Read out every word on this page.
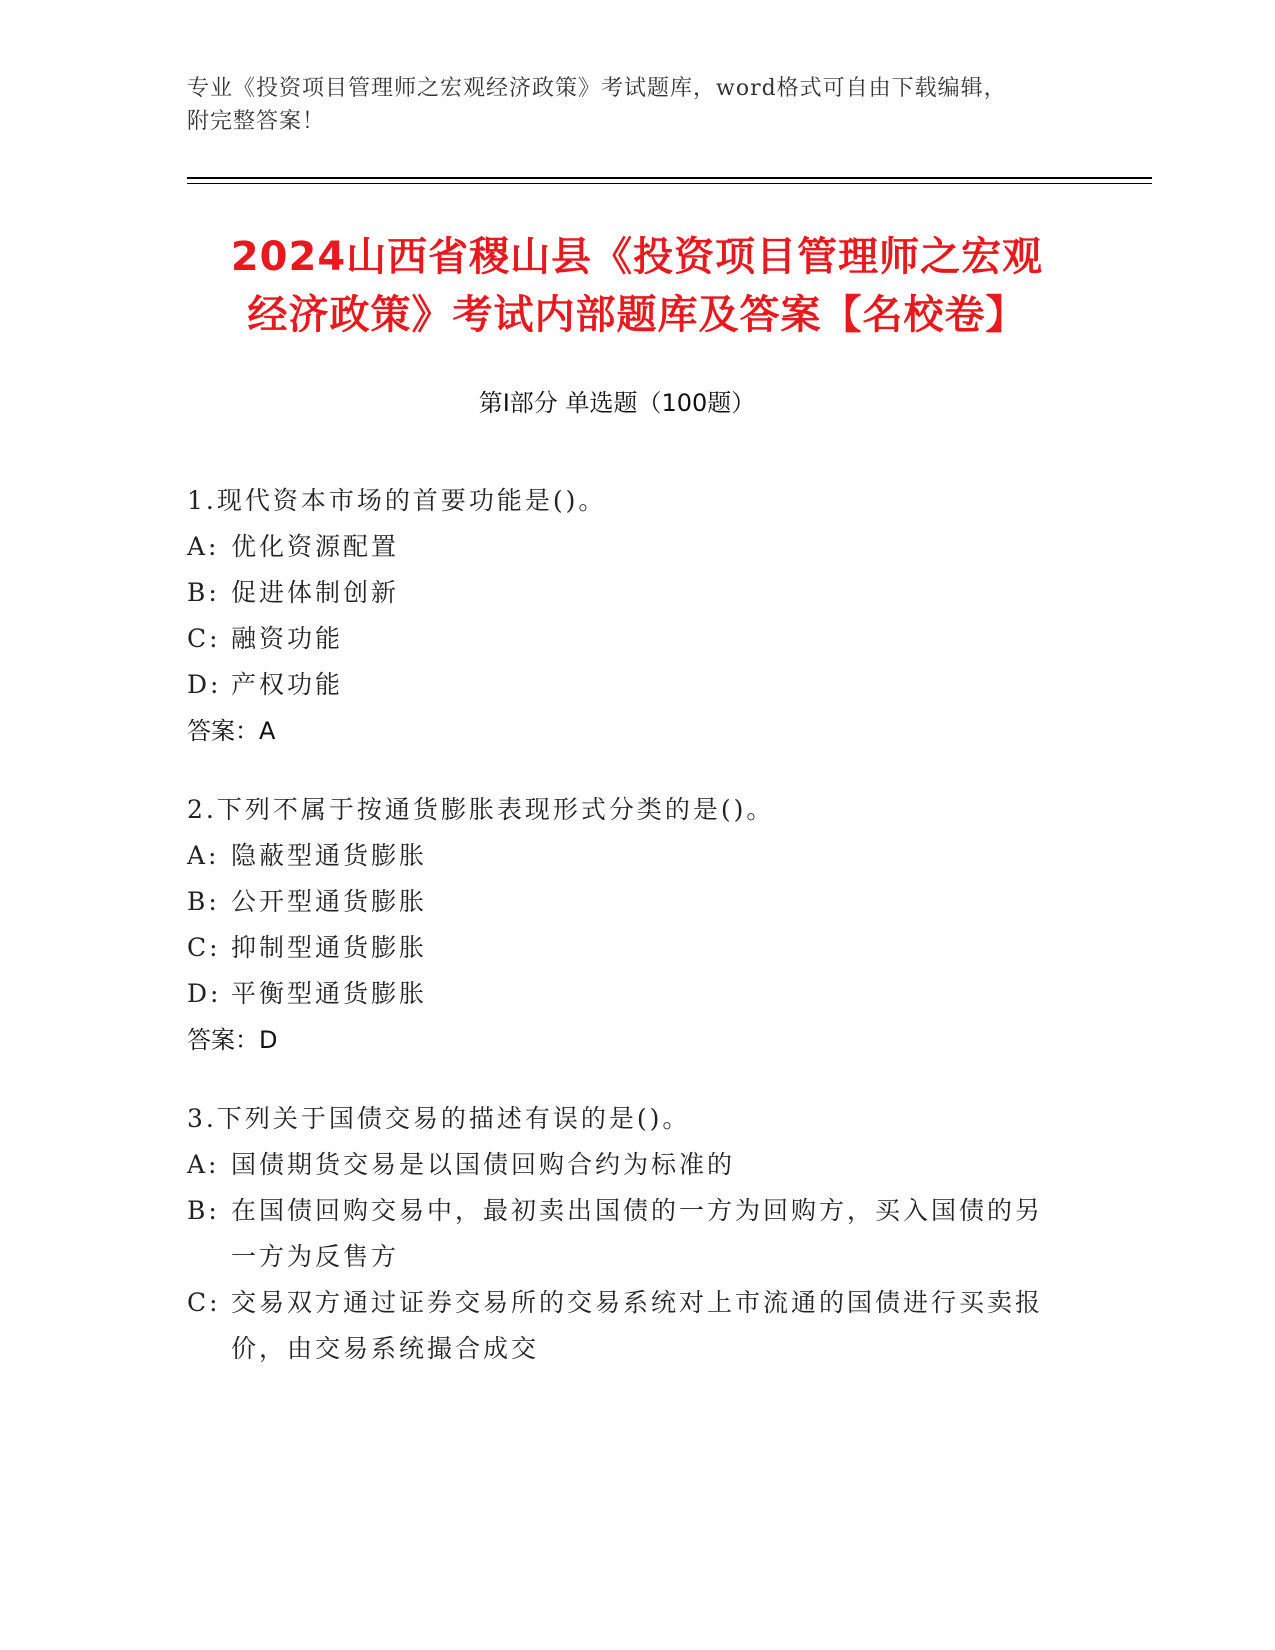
专业《投资项目管理师之宏观经济政策》考试题库，word格式可自由下载编辑，
附完整答案！
2024山西省稷山县《投资项目管理师之宏观
经济政策》考试内部题库及答案【名校卷】
第Ⅰ部分 单选题（100题）
1.现代资本市场的首要功能是()。
A: 优化资源配置
B: 促进体制创新
C: 融资功能
D: 产权功能
答案：A
2.下列不属于按通货膨胀表现形式分类的是()。
A: 隐蔽型通货膨胀
B: 公开型通货膨胀
C: 抑制型通货膨胀
D: 平衡型通货膨胀
答案：D
3.下列关于国债交易的描述有误的是()。
A: 国债期货交易是以国债回购合约为标准的
B: 在国债回购交易中，最初卖出国债的一方为回购方，买入国债的另一方为反售方
C: 交易双方通过证券交易所的交易系统对上市流通的国债进行买卖报价，由交易系统撮合成交
